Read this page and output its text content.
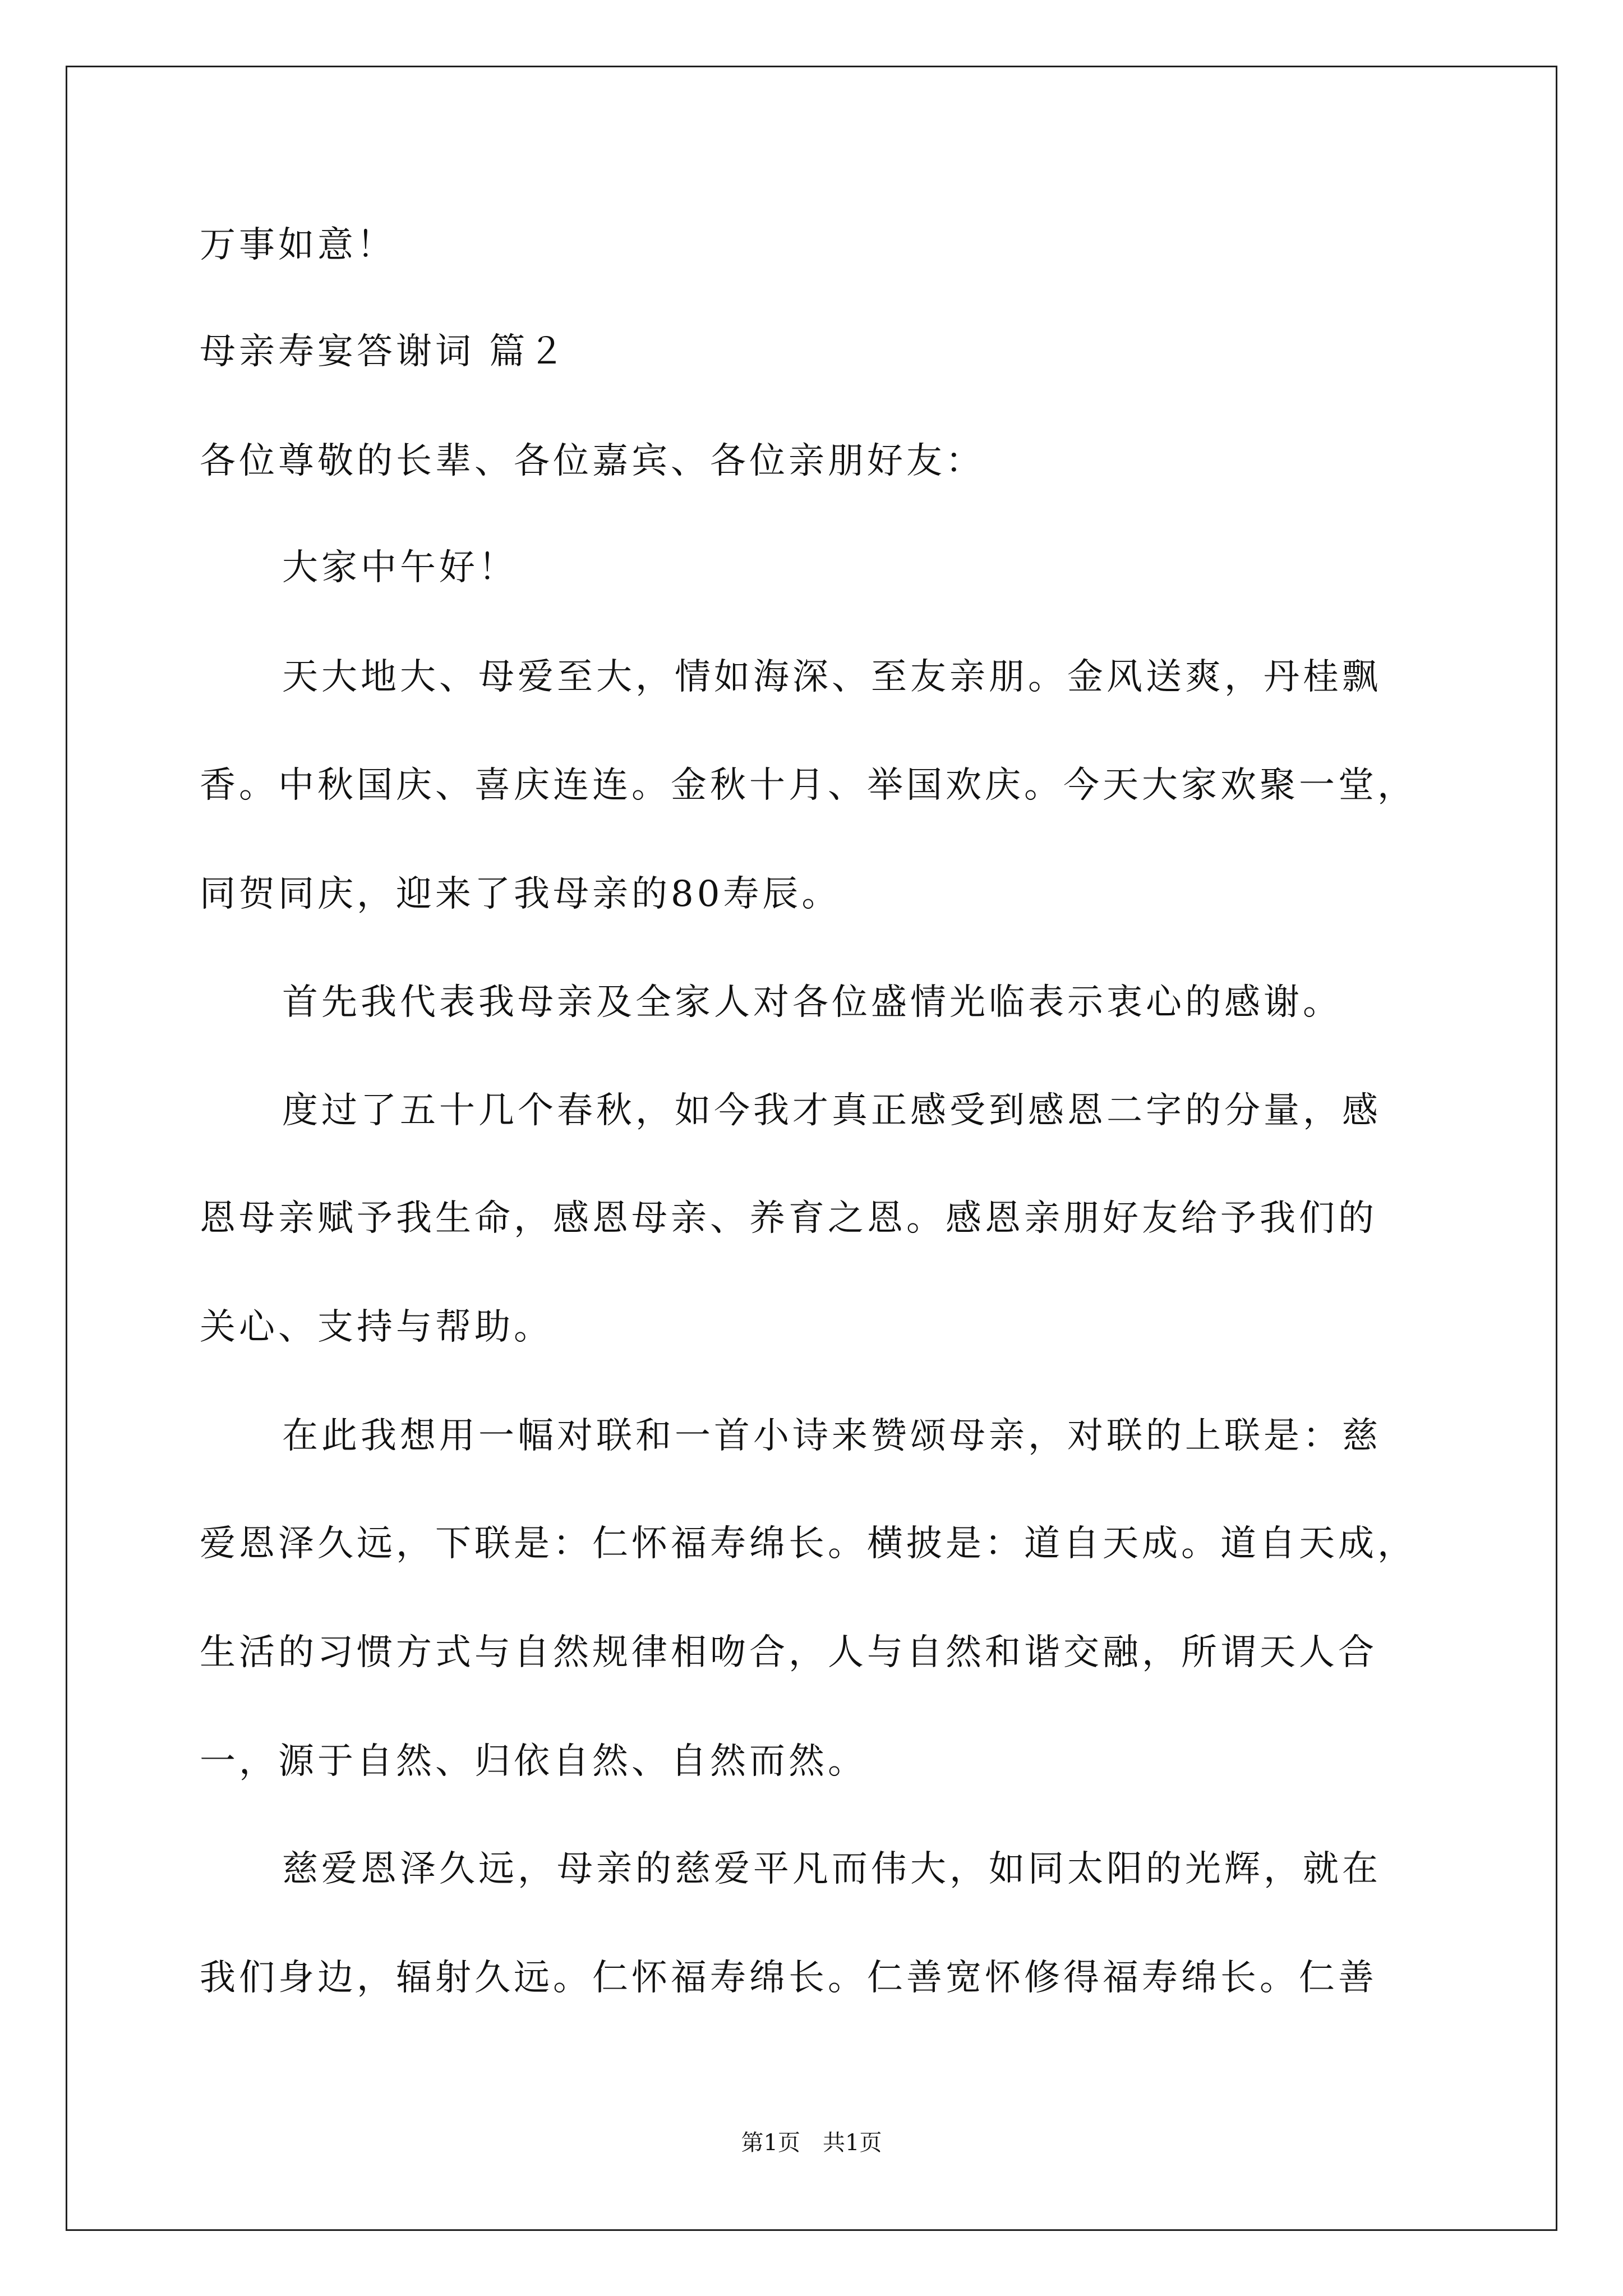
万事如意！
母亲寿宴答谢词 篇２
各位尊敬的长辈、各位嘉宾、各位亲朋好友：
大家中午好！
天大地大、母爱至大，情如海深、至友亲朋。金风送爽，丹桂飘
香。中秋国庆、喜庆连连。金秋十月、举国欢庆。今天大家欢聚一堂，
同贺同庆，迎来了我母亲的80寿辰。
首先我代表我母亲及全家人对各位盛情光临表示衷心的感谢。
度过了五十几个春秋，如今我才真正感受到感恩二字的分量，感
恩母亲赋予我生命，感恩母亲、养育之恩。感恩亲朋好友给予我们的
关心、支持与帮助。
在此我想用一幅对联和一首小诗来赞颂母亲，对联的上联是：慈
爱恩泽久远，下联是：仁怀福寿绵长。横披是：道自天成。道自天成，
生活的习惯方式与自然规律相吻合，人与自然和谐交融，所谓天人合
一，源于自然、归依自然、自然而然。
慈爱恩泽久远，母亲的慈爱平凡而伟大，如同太阳的光辉，就在
我们身边，辐射久远。仁怀福寿绵长。仁善宽怀修得福寿绵长。仁善
第1页　共1页
